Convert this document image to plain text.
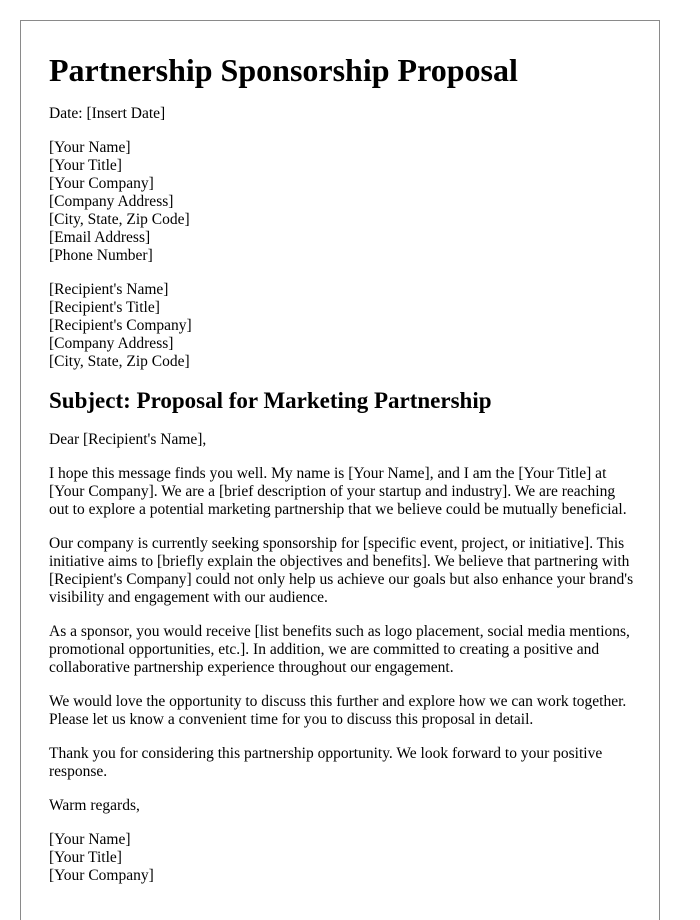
Partnership Sponsorship Proposal

Date: [Insert Date]

[Your Name]
[Your Title]
[Your Company]
[Company Address]
[City, State, Zip Code]
[Email Address]
[Phone Number]
[Recipient's Name]
[Recipient's Title]
[Recipient's Company]
[Company Address]
[City, State, Zip Code]
Subject: Proposal for Marketing Partnership

Dear [Recipient's Name],

I hope this message finds you well. My name is [Your Name], and I am the [Your Title] at [Your Company]. We are a [brief description of your startup and industry]. We are reaching out to explore a potential marketing partnership that we believe could be mutually beneficial.

Our company is currently seeking sponsorship for [specific event, project, or initiative]. This initiative aims to [briefly explain the objectives and benefits]. We believe that partnering with [Recipient's Company] could not only help us achieve our goals but also enhance your brand's visibility and engagement with our audience.

As a sponsor, you would receive [list benefits such as logo placement, social media mentions, promotional opportunities, etc.]. In addition, we are committed to creating a positive and collaborative partnership experience throughout our engagement.

We would love the opportunity to discuss this further and explore how we can work together. Please let us know a convenient time for you to discuss this proposal in detail.

Thank you for considering this partnership opportunity. We look forward to your positive response.

Warm regards,

[Your Name]
[Your Title]
[Your Company]
